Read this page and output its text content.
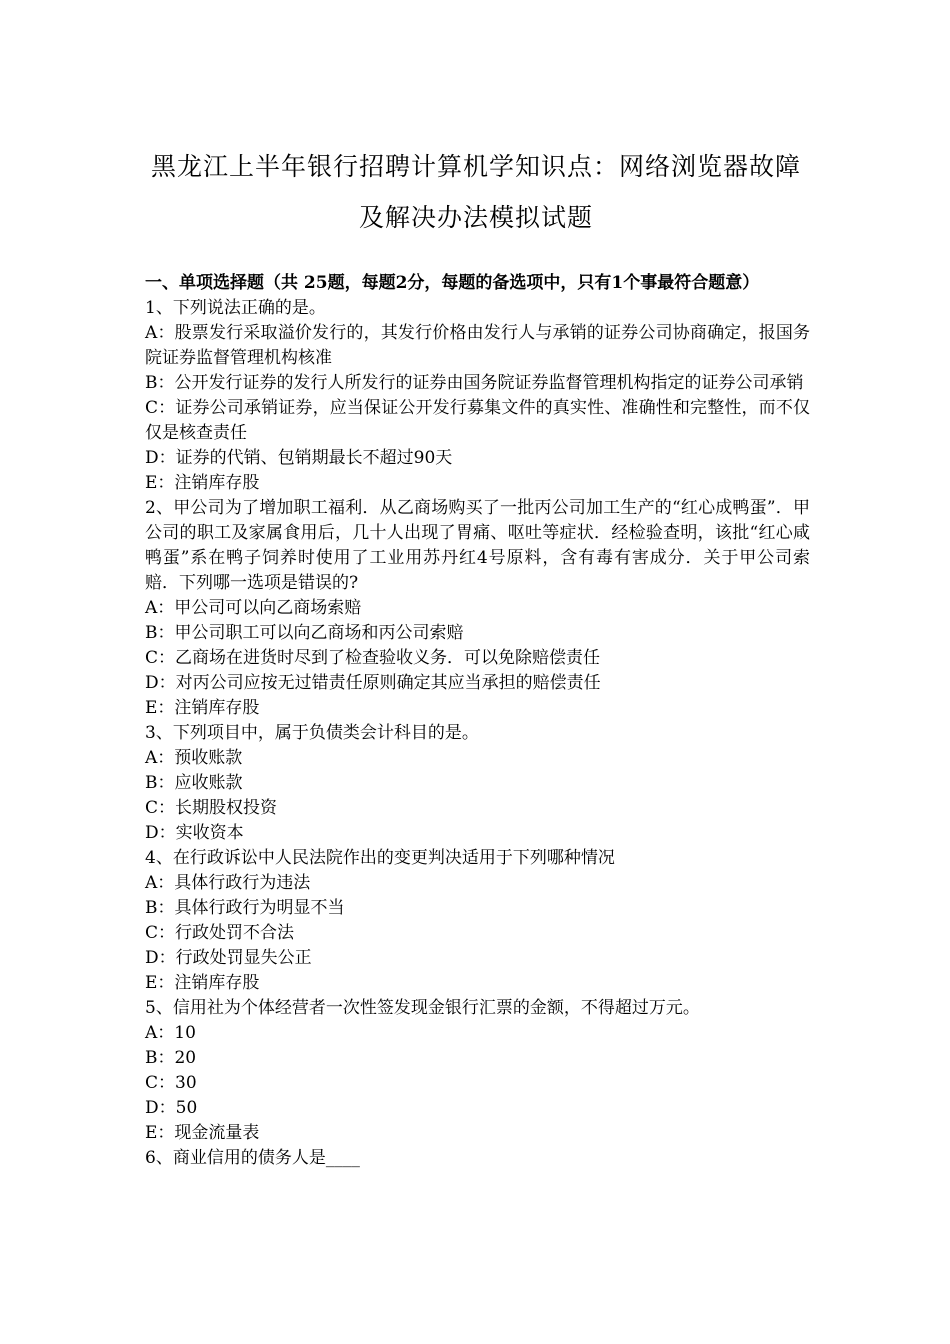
黑龙江上半年银行招聘计算机学知识点：网络浏览器故障
及解决办法模拟试题

一、单项选择题（共 25题，每题2分，每题的备选项中，只有1个事最符合题意）

1、下列说法正确的是。

A：股票发行采取溢价发行的，其发行价格由发行人与承销的证券公司协商确定，报国务院证券监督管理机构核准

B：公开发行证券的发行人所发行的证券由国务院证券监督管理机构指定的证券公司承销

C：证券公司承销证券，应当保证公开发行募集文件的真实性、准确性和完整性，而不仅仅是核查责任

D：证券的代销、包销期最长不超过90天

E：注销库存股

2、甲公司为了增加职工福利．从乙商场购买了一批丙公司加工生产的“红心成鸭蛋”．甲公司的职工及家属食用后，几十人出现了胃痛、呕吐等症状．经检验查明，该批“红心咸鸭蛋”系在鸭子饲养时使用了工业用苏丹红4号原料，含有毒有害成分．关于甲公司索赔．下列哪一选项是错误的?

A：甲公司可以向乙商场索赔

B：甲公司职工可以向乙商场和丙公司索赔

C：乙商场在进货时尽到了检查验收义务．可以免除赔偿责任

D：对丙公司应按无过错责任原则确定其应当承担的赔偿责任

E：注销库存股

3、下列项目中，属于负债类会计科目的是。

A：预收账款

B：应收账款

C：长期股权投资

D：实收资本

4、在行政诉讼中人民法院作出的变更判决适用于下列哪种情况

A：具体行政行为违法

B：具体行政行为明显不当

C：行政处罚不合法

D：行政处罚显失公正

E：注销库存股

5、信用社为个体经营者一次性签发现金银行汇票的金额，不得超过万元。

A：10

B：20

C：30

D：50

E：现金流量表

6、商业信用的债务人是____
